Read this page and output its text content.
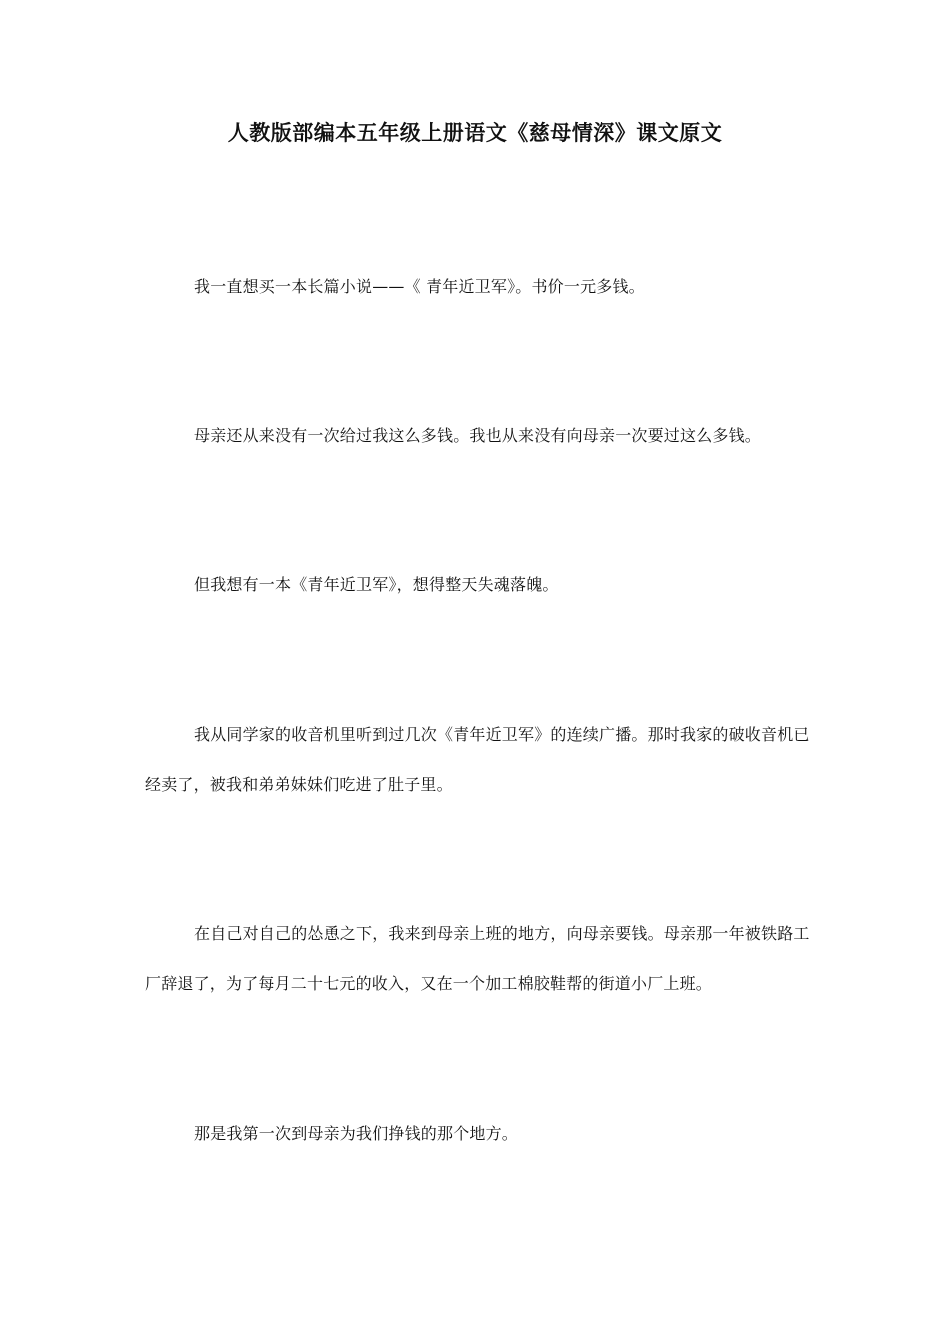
人教版部编本五年级上册语文《慈母情深》课文原文

我一直想买一本长篇小说——《 青年近卫军》。书价一元多钱。

母亲还从来没有一次给过我这么多钱。我也从来没有向母亲一次要过这么多钱。

但我想有一本《青年近卫军》，想得整天失魂落魄。

我从同学家的收音机里听到过几次《青年近卫军》的连续广播。那时我家的破收音机已经卖了，被我和弟弟妹妹们吃进了肚子里。

在自己对自己的怂恿之下，我来到母亲上班的地方，向母亲要钱。母亲那一年被铁路工厂辞退了，为了每月二十七元的收入，又在一个加工棉胶鞋帮的街道小厂上班。

那是我第一次到母亲为我们挣钱的那个地方。
